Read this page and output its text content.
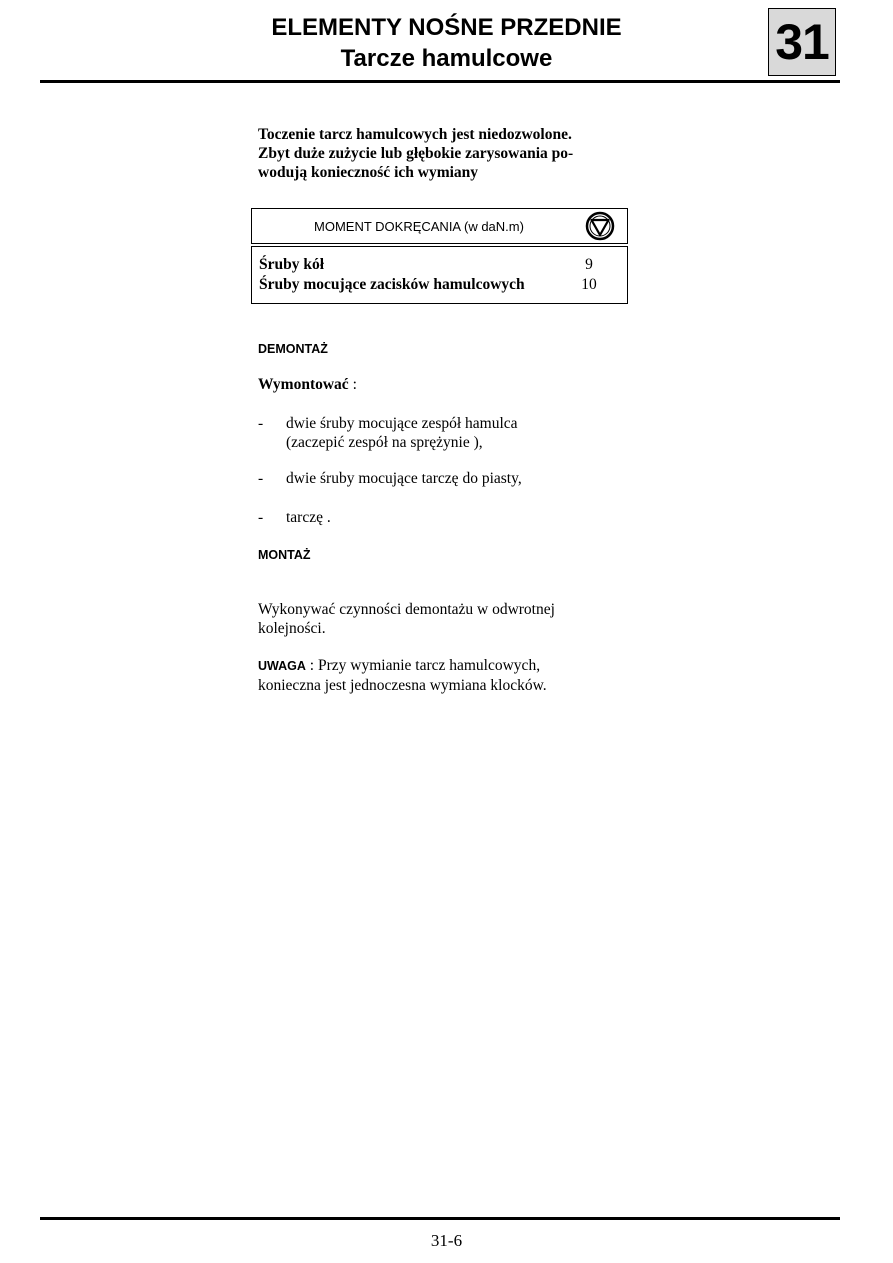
ELEMENTY NOŚNE PRZEDNIE
Tarcze hamulcowe	31

Toczenie tarcz hamulcowych jest niedozwolone.
Zbyt duże zużycie lub głębokie zarysowania po-
wodują konieczność ich wymiany

MOMENT DOKRĘCANIA (w daN.m)
Śruby kół	9
Śruby mocujące zacisków hamulcowych	10
DEMONTAŻ
Wymontować :
- dwie śruby mocujące zespół hamulca
(zaczepić zespół na sprężynie ),
- dwie śruby mocujące tarczę do piasty,
- tarczę .
MONTAŻ
Wykonywać czynności demontażu w odwrotnej
kolejności.
UWAGA : Przy wymianie tarcz hamulcowych,
konieczna jest jednoczesna wymiana klocków.
31-6
